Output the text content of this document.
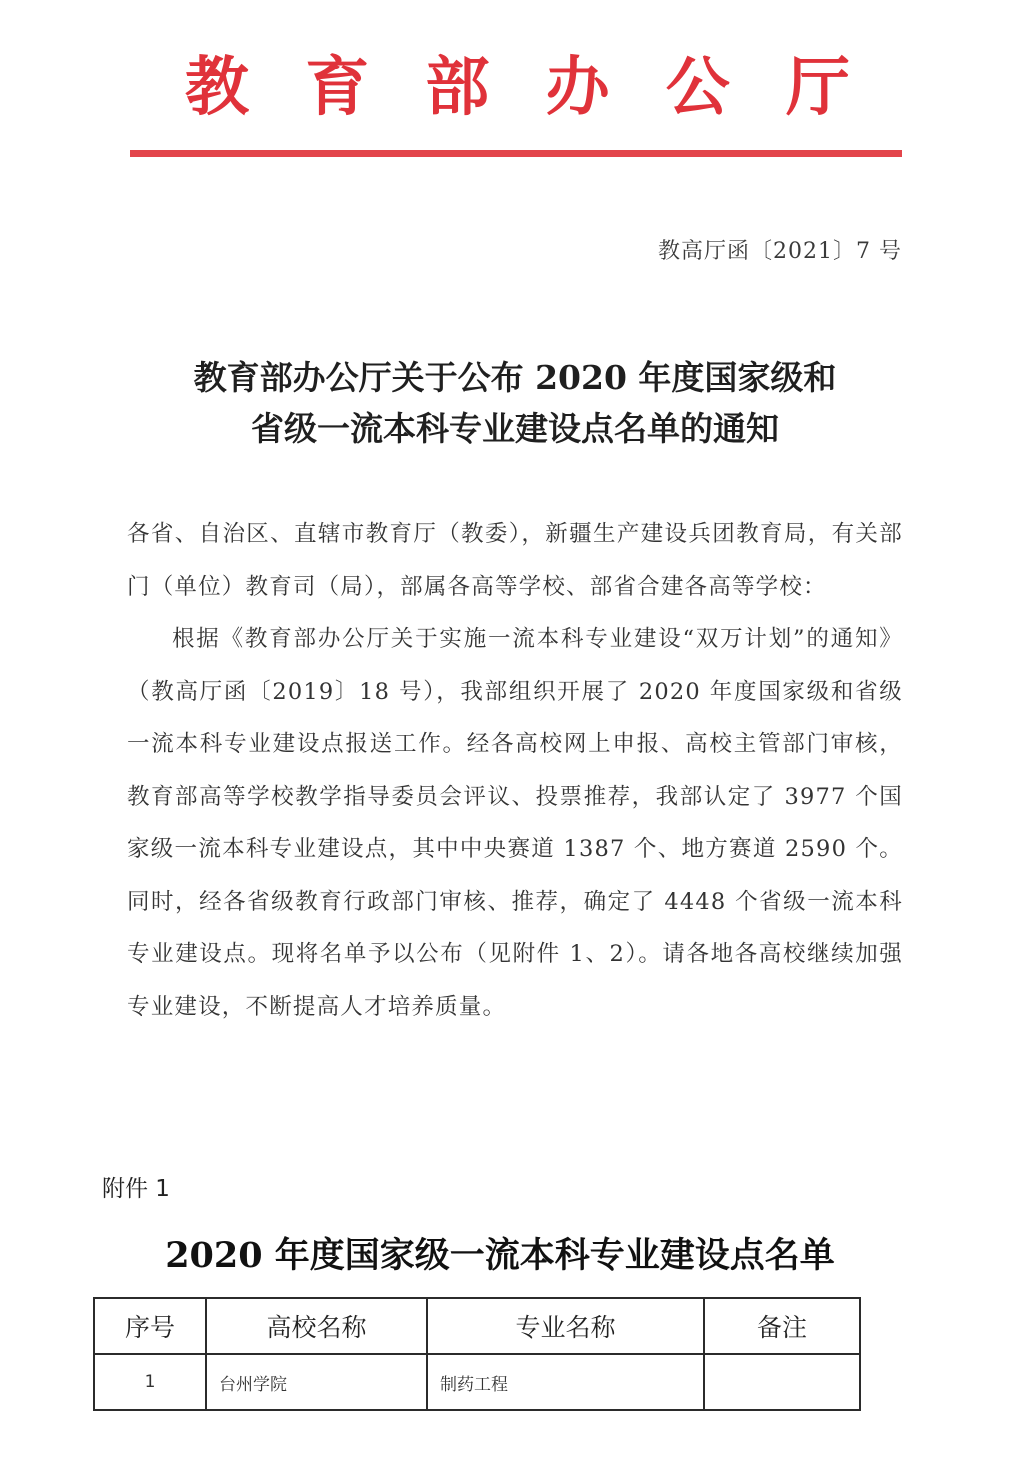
教 育 部 办 公 厅
教高厅函〔2021〕7 号
教育部办公厅关于公布 2020 年度国家级和
省级一流本科专业建设点名单的通知

各省、自治区、直辖市教育厅（教委），新疆生产建设兵团教育局，有关部门（单位）教育司（局），部属各高等学校、部省合建各高等学校：

根据《教育部办公厅关于实施一流本科专业建设“双万计划”的通知》（教高厅函〔2019〕18 号），我部组织开展了 2020 年度国家级和省级一流本科专业建设点报送工作。经各高校网上申报、高校主管部门审核，教育部高等学校教学指导委员会评议、投票推荐，我部认定了 3977 个国家级一流本科专业建设点，其中中央赛道 1387 个、地方赛道 2590 个。同时，经各省级教育行政部门审核、推荐，确定了 4448 个省级一流本科专业建设点。现将名单予以公布（见附件 1、2）。请各地各高校继续加强专业建设，不断提高人才培养质量。

附件 1
2020 年度国家级一流本科专业建设点名单
序号	高校名称	专业名称	备注
1	台州学院	制药工程	
